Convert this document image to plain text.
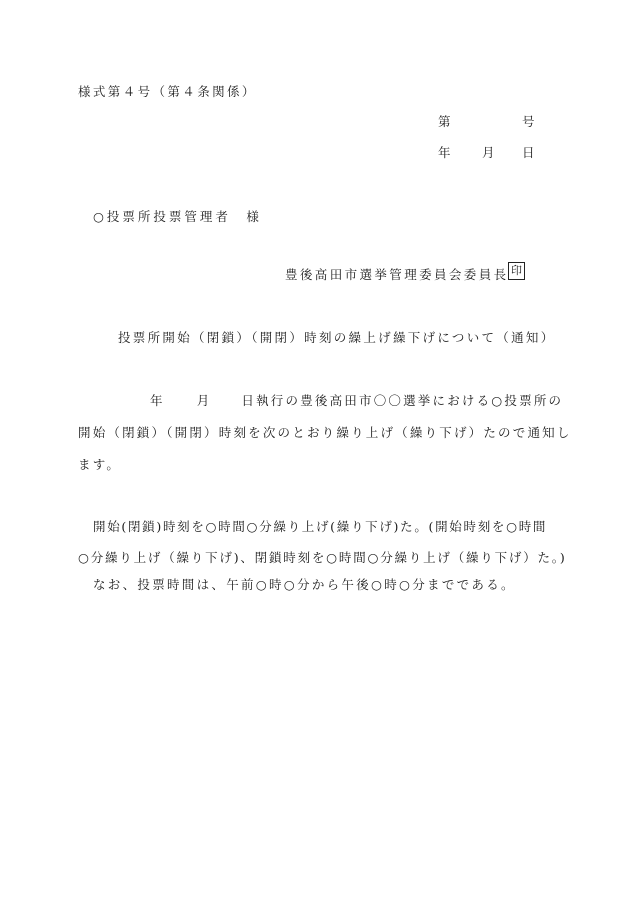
様式第４号（第４条関係）
第	号
年 月 日
○投票所投票管理者　様
豊後高田市選挙管理委員会委員長 印
投票所開始（閉鎖）（開閉）時刻の繰上げ繰下げについて（通知）
年	月 日執行の豊後高田市〇〇選挙における○投票所の
開始（閉鎖）（開閉）時刻を次のとおり繰り上げ（繰り下げ）たので通知し
ます。
開始(閉鎖)時刻を○時間○分繰り上げ(繰り下げ)た。(開始時刻を○時間
○分繰り上げ（繰り下げ)、閉鎖時刻を○時間○分繰り上げ（繰り下げ）た。)
なお、投票時間は、午前○時○分から午後○時○分までである。
